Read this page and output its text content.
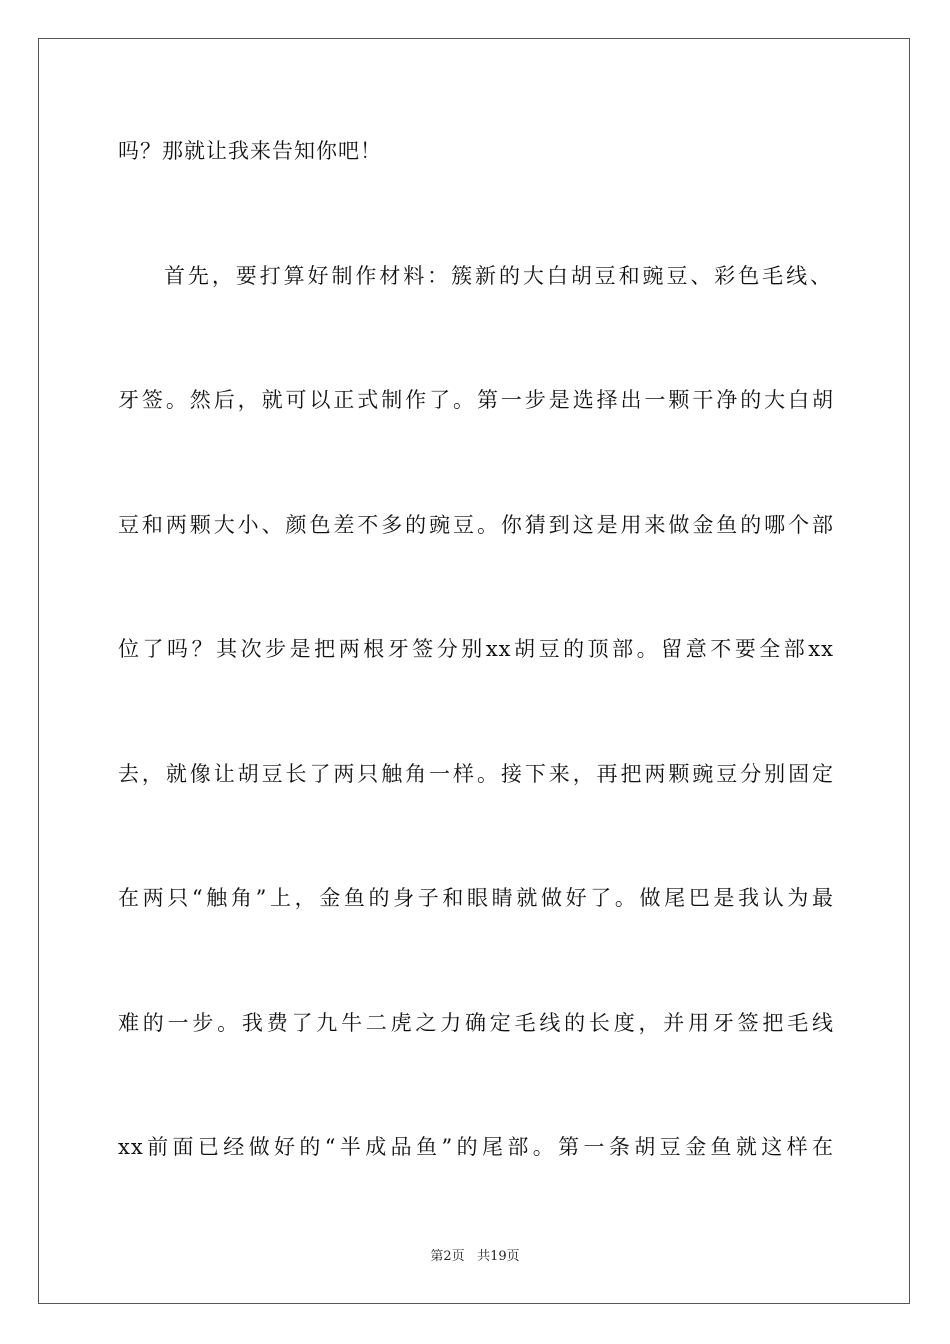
吗？那就让我来告知你吧！
首先，要打算好制作材料：簇新的大白胡豆和豌豆、彩色毛线、
牙签。然后，就可以正式制作了。第一步是选择出一颗干净的大白胡
豆和两颗大小、颜色差不多的豌豆。你猜到这是用来做金鱼的哪个部
位了吗？其次步是把两根牙签分别xx胡豆的顶部。留意不要全部xx
去，就像让胡豆长了两只触角一样。接下来，再把两颗豌豆分别固定
在两只“触角”上，金鱼的身子和眼睛就做好了。做尾巴是我认为最
难的一步。我费了九牛二虎之力确定毛线的长度，并用牙签把毛线
xx前面已经做好的“半成品鱼”的尾部。第一条胡豆金鱼就这样在
第2页 共19页
